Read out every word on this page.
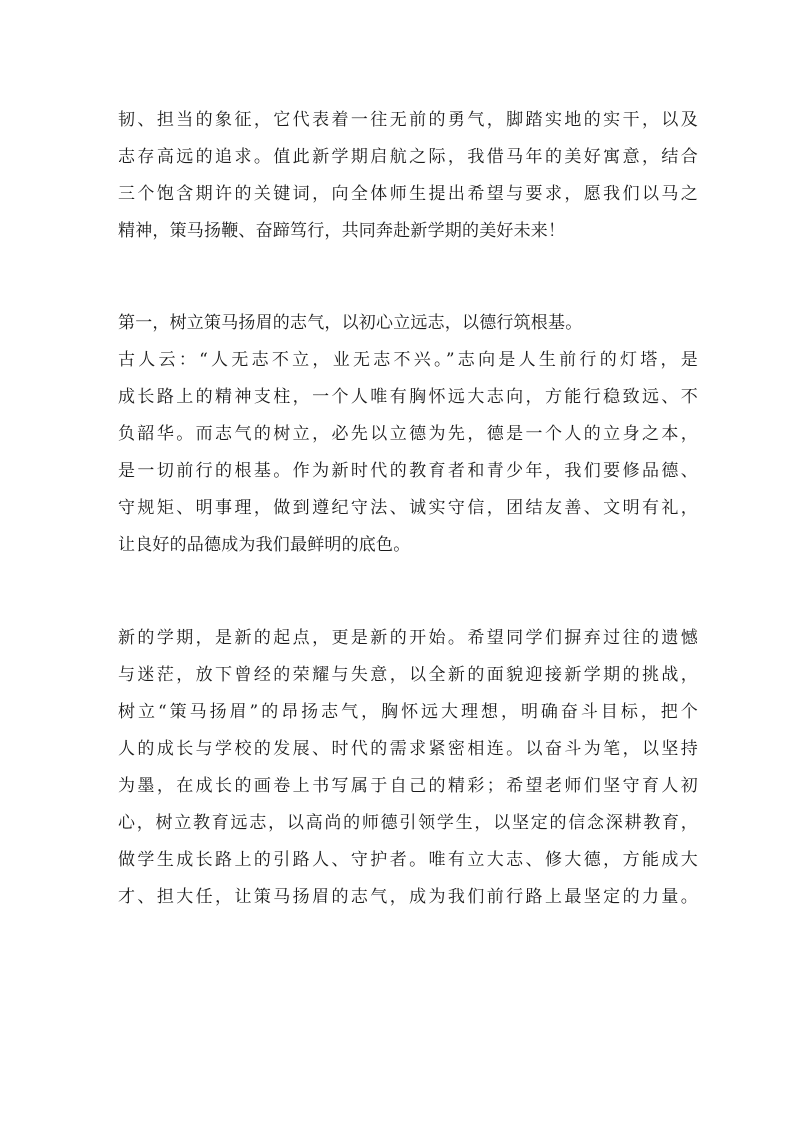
韧、担当的象征，它代表着一往无前的勇气，脚踏实地的实干，以及
志存高远的追求。值此新学期启航之际，我借马年的美好寓意，结合
三个饱含期许的关键词，向全体师生提出希望与要求，愿我们以马之
精神，策马扬鞭、奋蹄笃行，共同奔赴新学期的美好未来！
第一，树立策马扬眉的志气，以初心立远志，以德行筑根基。
古人云：“人无志不立，业无志不兴。”志向是人生前行的灯塔，是
成长路上的精神支柱，一个人唯有胸怀远大志向，方能行稳致远、不
负韶华。而志气的树立，必先以立德为先，德是一个人的立身之本，
是一切前行的根基。作为新时代的教育者和青少年，我们要修品德、
守规矩、明事理，做到遵纪守法、诚实守信，团结友善、文明有礼，
让良好的品德成为我们最鲜明的底色。
新的学期，是新的起点，更是新的开始。希望同学们摒弃过往的遗憾
与迷茫，放下曾经的荣耀与失意，以全新的面貌迎接新学期的挑战，
树立“策马扬眉”的昂扬志气，胸怀远大理想，明确奋斗目标，把个
人的成长与学校的发展、时代的需求紧密相连。以奋斗为笔，以坚持
为墨，在成长的画卷上书写属于自己的精彩；希望老师们坚守育人初
心，树立教育远志，以高尚的师德引领学生，以坚定的信念深耕教育，
做学生成长路上的引路人、守护者。唯有立大志、修大德，方能成大
才、担大任，让策马扬眉的志气，成为我们前行路上最坚定的力量。
